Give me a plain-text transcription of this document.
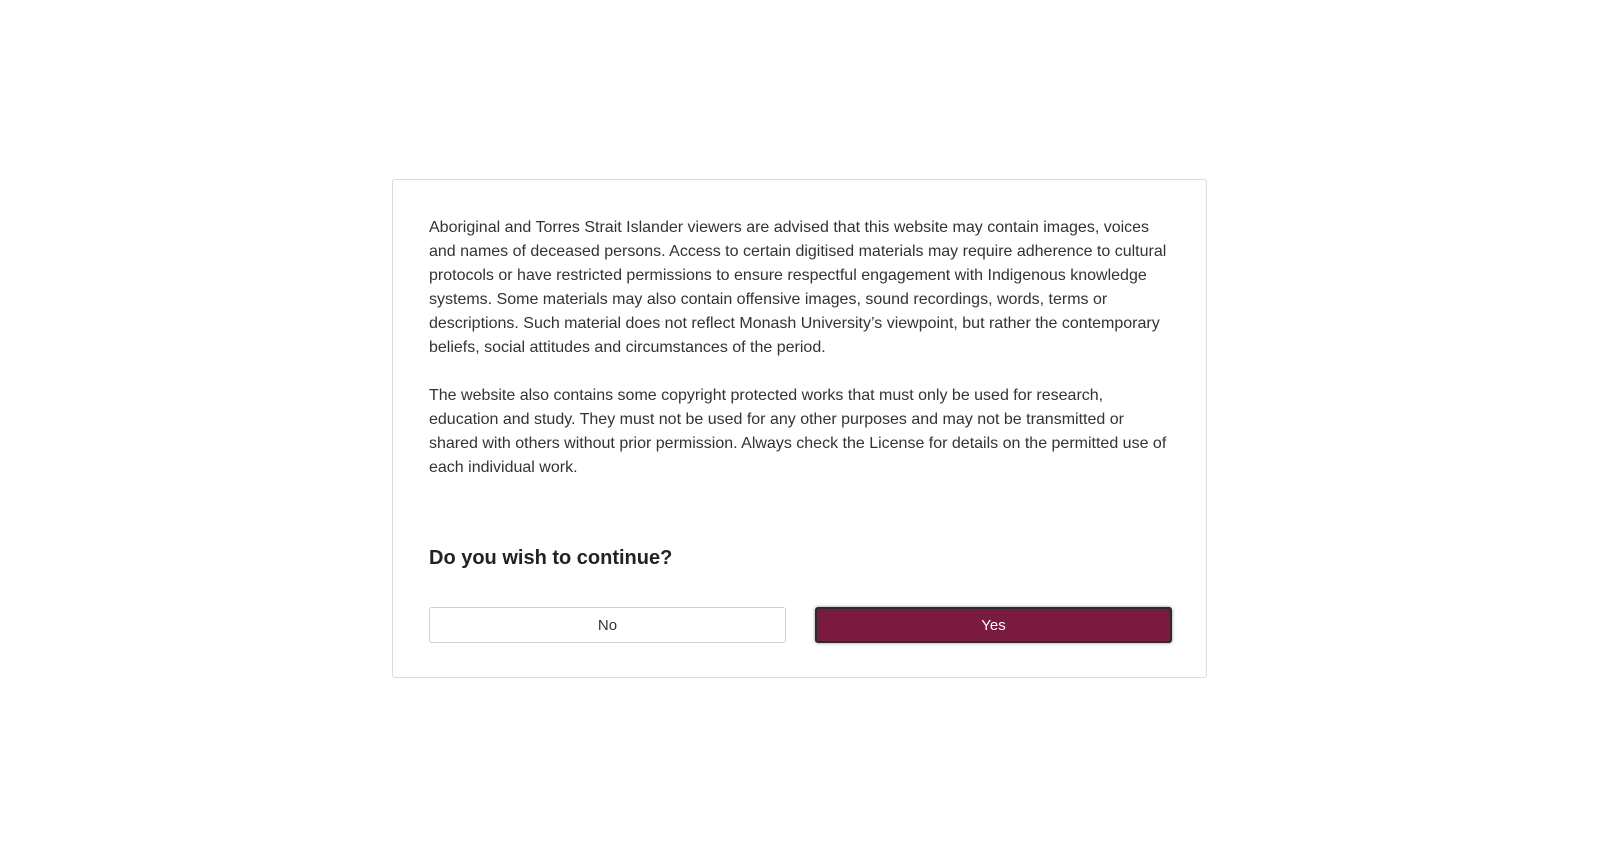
Aboriginal and Torres Strait Islander viewers are advised that this website may contain images, voices and names of deceased persons. Access to certain digitised materials may require adherence to cultural protocols or have restricted permissions to ensure respectful engagement with Indigenous knowledge systems. Some materials may also contain offensive images, sound recordings, words, terms or descriptions. Such material does not reflect Monash University’s viewpoint, but rather the contemporary beliefs, social attitudes and circumstances of the period.

The website also contains some copyright protected works that must only be used for research, education and study. They must not be used for any other purposes and may not be transmitted or shared with others without prior permission. Always check the License for details on the permitted use of each individual work.

Do you wish to continue?
No	Yes
